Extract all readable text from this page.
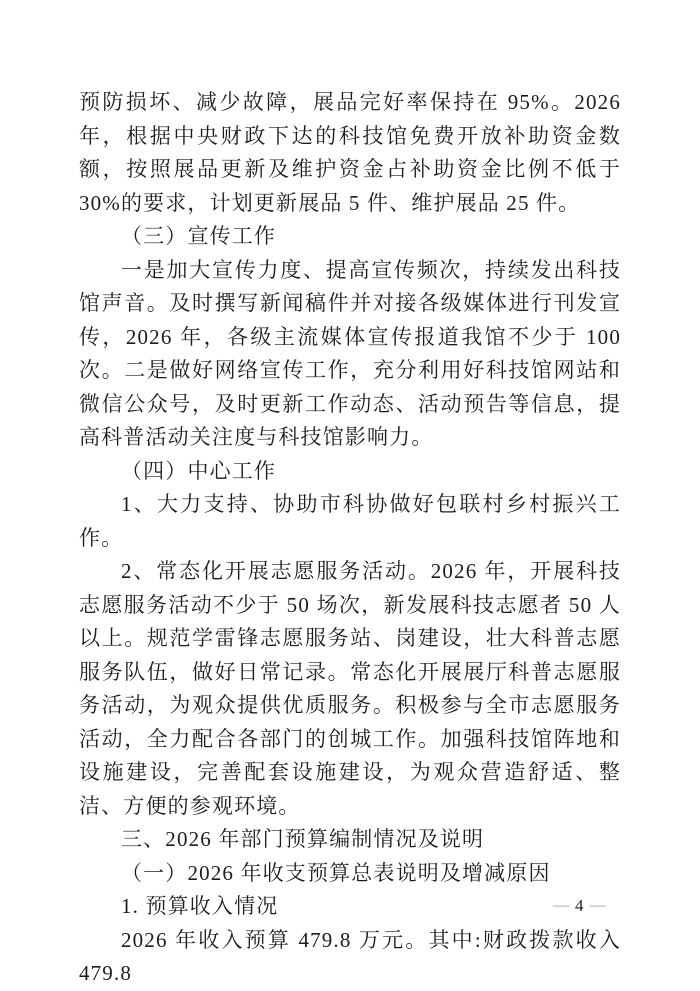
预防损坏、减少故障，展品完好率保持在 95%。2026 年，根据中央财政下达的科技馆免费开放补助资金数额，按照展品更新及维护资金占补助资金比例不低于 30%的要求，计划更新展品 5 件、维护展品 25 件。

（三）宣传工作

一是加大宣传力度、提高宣传频次，持续发出科技馆声音。及时撰写新闻稿件并对接各级媒体进行刊发宣传，2026 年，各级主流媒体宣传报道我馆不少于 100 次。二是做好网络宣传工作，充分利用好科技馆网站和微信公众号，及时更新工作动态、活动预告等信息，提高科普活动关注度与科技馆影响力。

（四）中心工作

1、大力支持、协助市科协做好包联村乡村振兴工作。

2、常态化开展志愿服务活动。2026 年，开展科技志愿服务活动不少于 50 场次，新发展科技志愿者 50 人以上。规范学雷锋志愿服务站、岗建设，壮大科普志愿服务队伍，做好日常记录。常态化开展展厅科普志愿服务活动，为观众提供优质服务。积极参与全市志愿服务活动，全力配合各部门的创城工作。加强科技馆阵地和设施建设，完善配套设施建设，为观众营造舒适、整洁、方便的参观环境。

三、2026 年部门预算编制情况及说明

（一）2026 年收支预算总表说明及增减原因

1. 预算收入情况

2026 年收入预算 479.8 万元。其中:财政拨款收入 479.8

— 4 —
